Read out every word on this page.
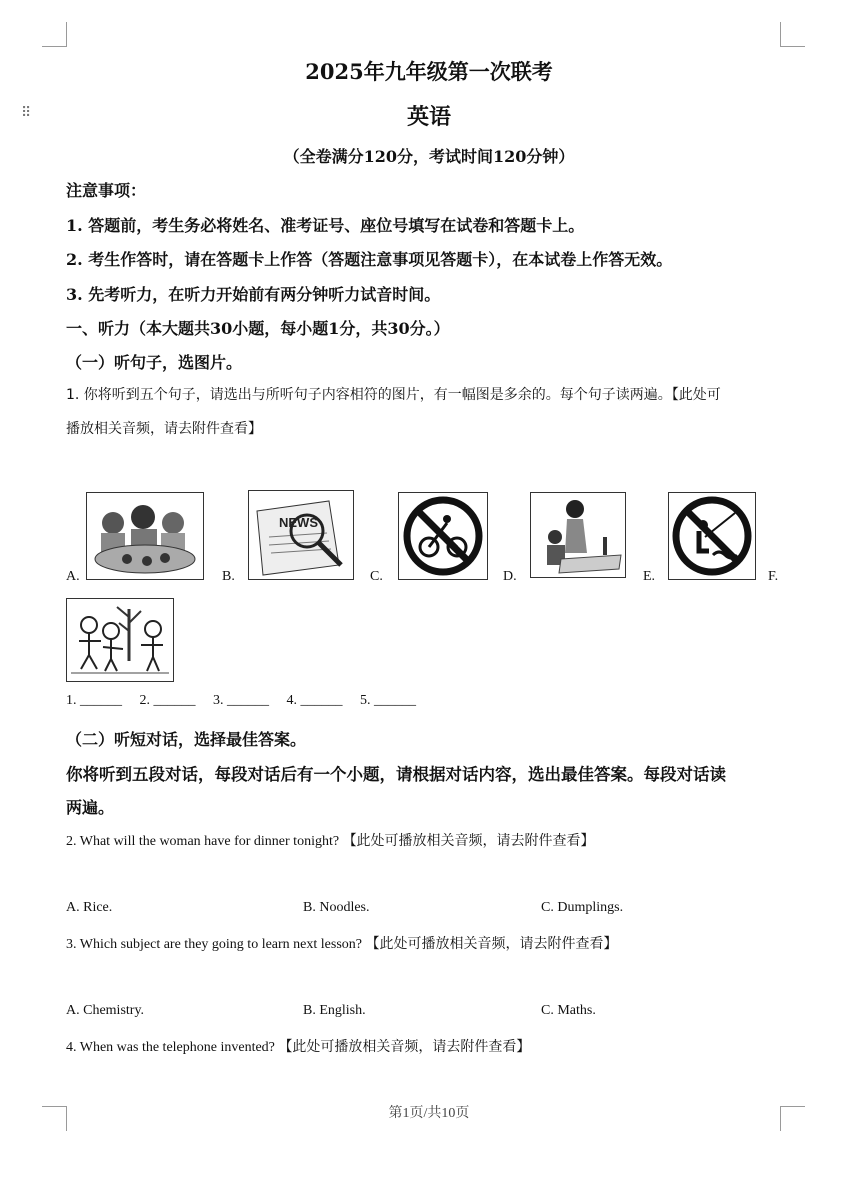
⠿
2025年九年级第一次联考
英语
（全卷满分120分，考试时间120分钟）
注意事项：
1. 答题前，考生务必将姓名、准考证号、座位号填写在试卷和答题卡上。
2. 考生作答时，请在答题卡上作答（答题注意事项见答题卡），在本试卷上作答无效。
3. 先考听力，在听力开始前有两分钟听力试音时间。
一、听力（本大题共30小题，每小题1分，共30分。）
（一）听句子，选图片。
1. 你将听到五个句子，请选出与所听句子内容相符的图片，有一幅图是多余的。每个句子读两遍。【此处可
播放相关音频，请去附件查看】
NEWS
A.	B.	C.	D.	E.	F.
1. ______ 2. ______ 3. ______ 4. ______ 5. ______
（二）听短对话，选择最佳答案。
你将听到五段对话，每段对话后有一个小题，请根据对话内容，选出最佳答案。每段对话读
两遍。
2. What will the woman have for dinner tonight? 【此处可播放相关音频，请去附件查看】
A. Rice.	B. Noodles.	C. Dumplings.
3. Which subject are they going to learn next lesson? 【此处可播放相关音频，请去附件查看】
A. Chemistry.	B. English.	C. Maths.
4. When was the telephone invented? 【此处可播放相关音频，请去附件查看】
第1页/共10页
